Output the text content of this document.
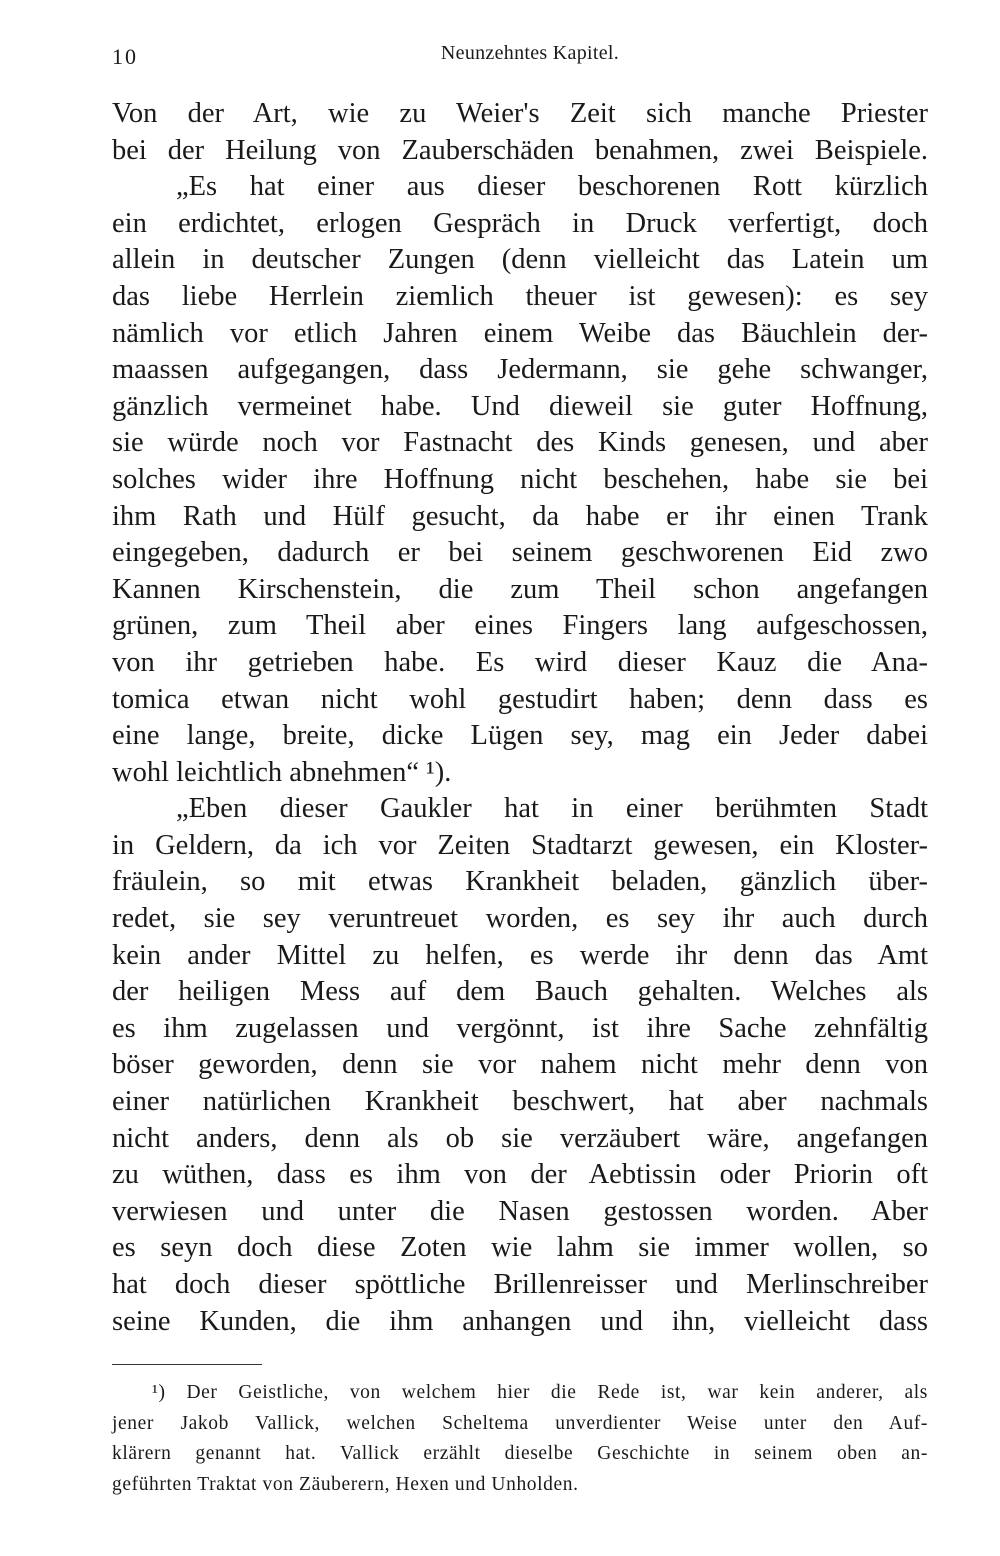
10	Neunzehntes Kapitel.
Von der Art, wie zu Weier's Zeit sich manche Priester
bei der Heilung von Zauberschäden benahmen, zwei Beispiele.
„Es hat einer aus dieser beschorenen Rott kürzlich
ein erdichtet, erlogen Gespräch in Druck verfertigt, doch
allein in deutscher Zungen (denn vielleicht das Latein um
das liebe Herrlein ziemlich theuer ist gewesen): es sey
nämlich vor etlich Jahren einem Weibe das Bäuchlein der-
maassen aufgegangen, dass Jedermann, sie gehe schwanger,
gänzlich vermeinet habe. Und dieweil sie guter Hoffnung,
sie würde noch vor Fastnacht des Kinds genesen, und aber
solches wider ihre Hoffnung nicht beschehen, habe sie bei
ihm Rath und Hülf gesucht, da habe er ihr einen Trank
eingegeben, dadurch er bei seinem geschworenen Eid zwo
Kannen Kirschenstein, die zum Theil schon angefangen
grünen, zum Theil aber eines Fingers lang aufgeschossen,
von ihr getrieben habe. Es wird dieser Kauz die Ana-
tomica etwan nicht wohl gestudirt haben; denn dass es
eine lange, breite, dicke Lügen sey, mag ein Jeder dabei
wohl leichtlich abnehmen“ ¹).
„Eben dieser Gaukler hat in einer berühmten Stadt
in Geldern, da ich vor Zeiten Stadtarzt gewesen, ein Kloster-
fräulein, so mit etwas Krankheit beladen, gänzlich über-
redet, sie sey veruntreuet worden, es sey ihr auch durch
kein ander Mittel zu helfen, es werde ihr denn das Amt
der heiligen Mess auf dem Bauch gehalten. Welches als
es ihm zugelassen und vergönnt, ist ihre Sache zehnfältig
böser geworden, denn sie vor nahem nicht mehr denn von
einer natürlichen Krankheit beschwert, hat aber nachmals
nicht anders, denn als ob sie verzäubert wäre, angefangen
zu wüthen, dass es ihm von der Aebtissin oder Priorin oft
verwiesen und unter die Nasen gestossen worden. Aber
es seyn doch diese Zoten wie lahm sie immer wollen, so
hat doch dieser spöttliche Brillenreisser und Merlinschreiber
seine Kunden, die ihm anhangen und ihn, vielleicht dass
¹) Der Geistliche, von welchem hier die Rede ist, war kein anderer, als
jener Jakob Vallick, welchen Scheltema unverdienter Weise unter den Auf-
klärern genannt hat. Vallick erzählt dieselbe Geschichte in seinem oben an-
geführten Traktat von Zäuberern, Hexen und Unholden.
